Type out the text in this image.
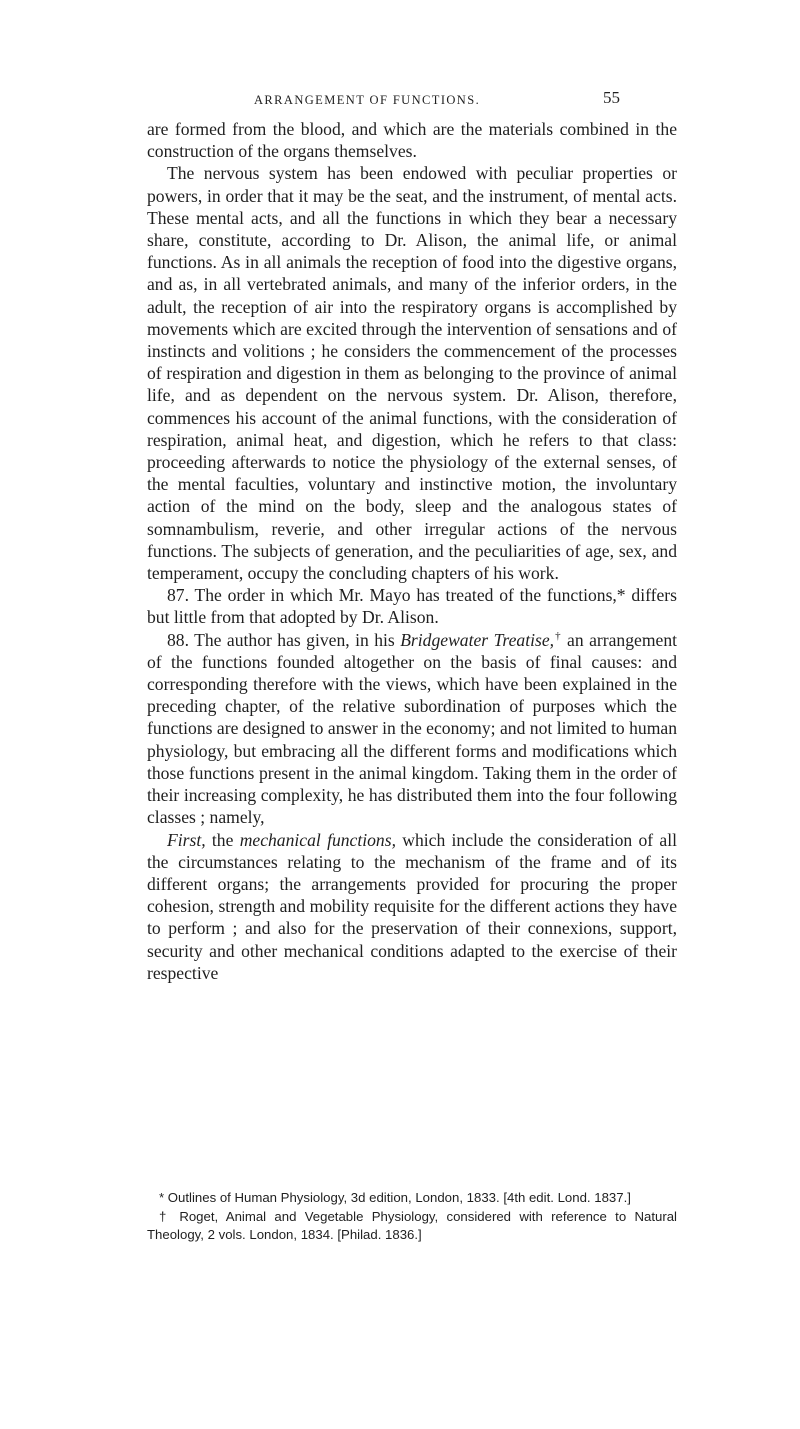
ARRANGEMENT OF FUNCTIONS.	55

are formed from the blood, and which are the materials combined in the construction of the organs themselves.

The nervous system has been endowed with peculiar properties or powers, in order that it may be the seat, and the instrument, of mental acts. These mental acts, and all the functions in which they bear a necessary share, constitute, according to Dr. Alison, the animal life, or animal functions. As in all animals the reception of food into the digestive organs, and as, in all vertebrated animals, and many of the inferior orders, in the adult, the reception of air into the respiratory organs is accomplished by movements which are excited through the intervention of sensations and of instincts and volitions ; he considers the commencement of the processes of respiration and digestion in them as belonging to the province of animal life, and as dependent on the nervous system. Dr. Alison, therefore, commences his account of the animal functions, with the consideration of respiration, animal heat, and digestion, which he refers to that class: proceeding afterwards to notice the physiology of the external senses, of the mental faculties, voluntary and instinctive motion, the involuntary action of the mind on the body, sleep and the analogous states of somnambulism, reverie, and other irregular actions of the nervous functions. The subjects of generation, and the peculiarities of age, sex, and temperament, occupy the concluding chapters of his work.

87. The order in which Mr. Mayo has treated of the functions,* differs but little from that adopted by Dr. Alison.

88. The author has given, in his Bridgewater Treatise,† an arrangement of the functions founded altogether on the basis of final causes: and corresponding therefore with the views, which have been explained in the preceding chapter, of the relative subordination of purposes which the functions are designed to answer in the economy; and not limited to human physiology, but embracing all the different forms and modifications which those functions present in the animal kingdom. Taking them in the order of their increasing complexity, he has distributed them into the four following classes ; namely,

First, the mechanical functions, which include the consideration of all the circumstances relating to the mechanism of the frame and of its different organs; the arrangements provided for procuring the proper cohesion, strength and mobility requisite for the different actions they have to perform ; and also for the preservation of their connexions, support, security and other mechanical conditions adapted to the exercise of their respective

* Outlines of Human Physiology, 3d edition, London, 1833. [4th edit. Lond. 1837.]

† Roget, Animal and Vegetable Physiology, considered with reference to Natural Theology, 2 vols. London, 1834. [Philad. 1836.]
